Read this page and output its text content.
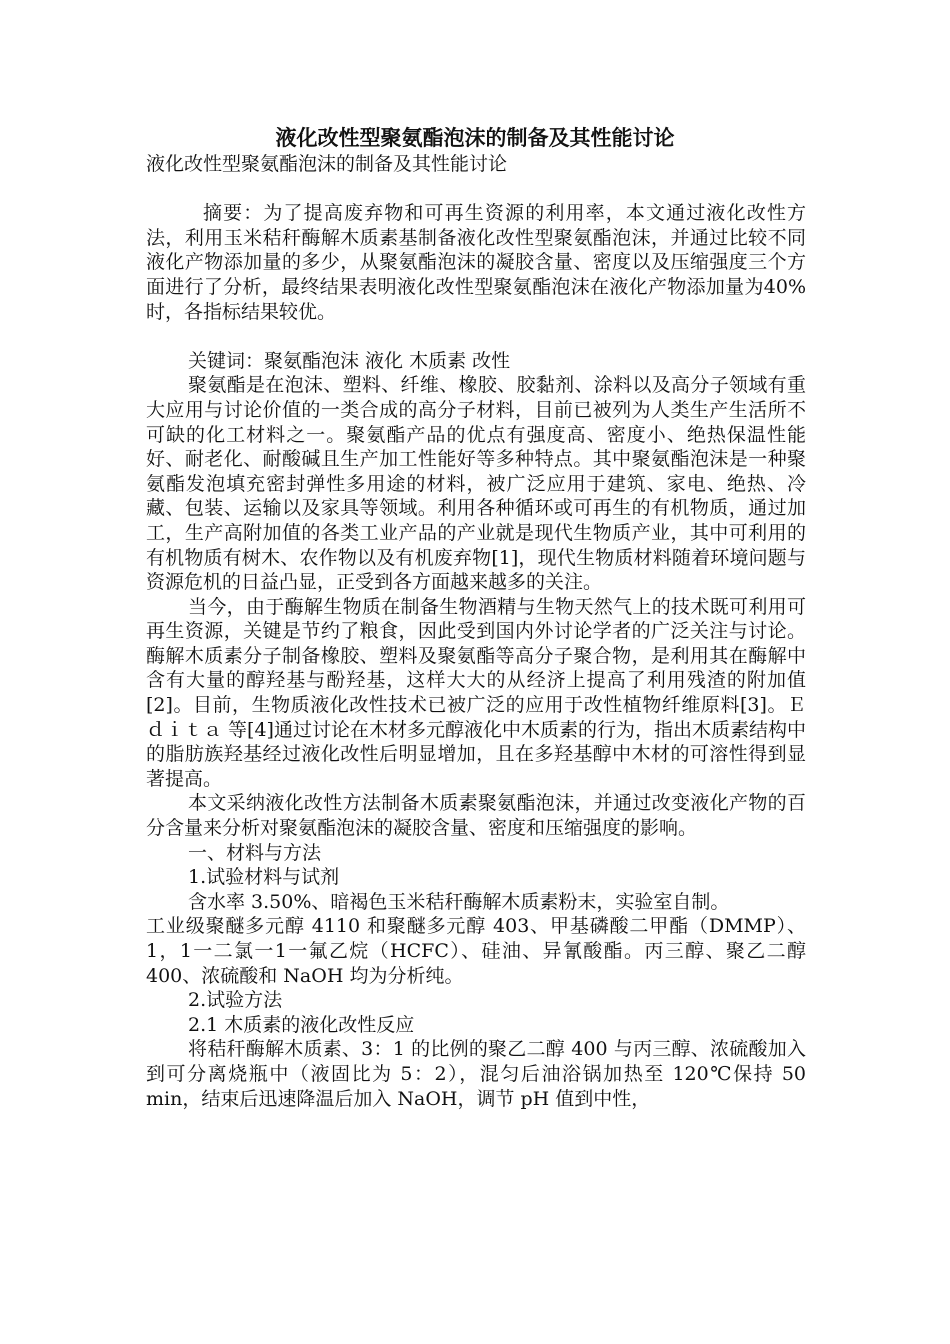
液化改性型聚氨酯泡沫的制备及其性能讨论

液化改性型聚氨酯泡沫的制备及其性能讨论

摘要：为了提高废弃物和可再生资源的利用率，本文通过液化改性方法，利用玉米秸秆酶解木质素基制备液化改性型聚氨酯泡沫，并通过比较不同液化产物添加量的多少，从聚氨酯泡沫的凝胶含量、密度以及压缩强度三个方面进行了分析，最终结果表明液化改性型聚氨酯泡沫在液化产物添加量为40%时，各指标结果较优。

关键词：聚氨酯泡沫 液化 木质素 改性

聚氨酯是在泡沫、塑料、纤维、橡胶、胶黏剂、涂料以及高分子领域有重大应用与讨论价值的一类合成的高分子材料，目前已被列为人类生产生活所不可缺的化工材料之一。聚氨酯产品的优点有强度高、密度小、绝热保温性能好、耐老化、耐酸碱且生产加工性能好等多种特点。其中聚氨酯泡沫是一种聚氨酯发泡填充密封弹性多用途的材料，被广泛应用于建筑、家电、绝热、冷藏、包装、运输以及家具等领域。利用各种循环或可再生的有机物质，通过加工，生产高附加值的各类工业产品的产业就是现代生物质产业，其中可利用的有机物质有树木、农作物以及有机废弃物[1]，现代生物质材料随着环境问题与资源危机的日益凸显，正受到各方面越来越多的关注。

当今，由于酶解生物质在制备生物酒精与生物天然气上的技术既可利用可再生资源，关键是节约了粮食，因此受到国内外讨论学者的广泛关注与讨论。酶解木质素分子制备橡胶、塑料及聚氨酯等高分子聚合物，是利用其在酶解中含有大量的醇羟基与酚羟基，这样大大的从经济上提高了利用残渣的附加值[2]。目前，生物质液化改性技术已被广泛的应用于改性植物纤维原料[3]。Ｅｄｉｔａ 等[4]通过讨论在木材多元醇液化中木质素的行为，指出木质素结构中的脂肪族羟基经过液化改性后明显增加，且在多羟基醇中木材的可溶性得到显著提高。

本文采纳液化改性方法制备木质素聚氨酯泡沫，并通过改变液化产物的百分含量来分析对聚氨酯泡沫的凝胶含量、密度和压缩强度的影响。

一、材料与方法

1.试验材料与试剂

含水率 3.50%、暗褐色玉米秸秆酶解木质素粉末，实验室自制。

工业级聚醚多元醇 4110 和聚醚多元醇 403、甲基磷酸二甲酯（DMMP）、1，1一二氯一1一氟乙烷（HCFC）、硅油、异氰酸酯。丙三醇、聚乙二醇 400、浓硫酸和 NaOH 均为分析纯。

2.试验方法

2.1 木质素的液化改性反应

将秸秆酶解木质素、3：1 的比例的聚乙二醇 400 与丙三醇、浓硫酸加入到可分离烧瓶中（液固比为 5：2），混匀后油浴锅加热至 120℃保持 50 min，结束后迅速降温后加入 NaOH，调节 pH 值到中性，
